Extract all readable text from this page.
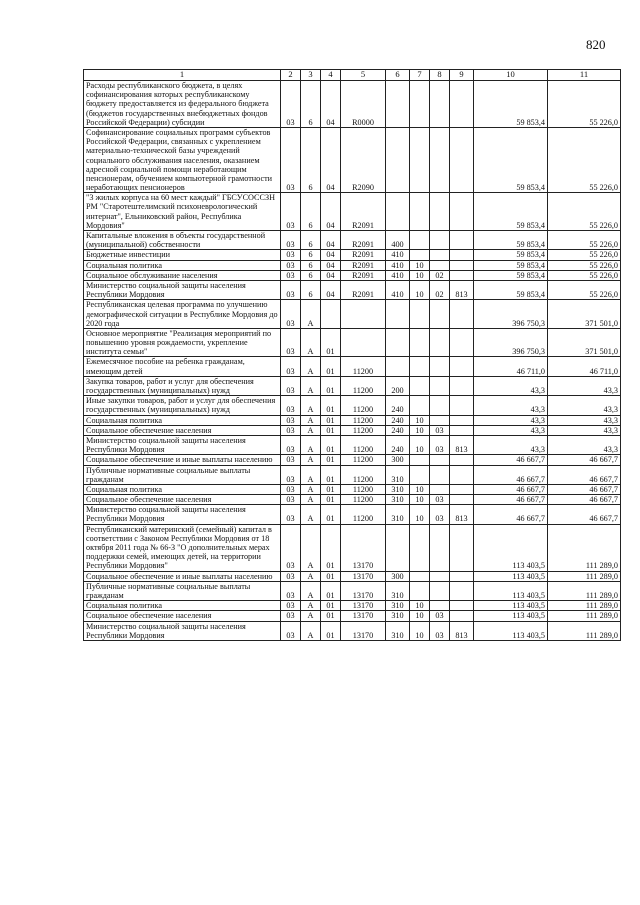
820
1	2	3	4	5	6	7	8	9	10	11
Расходы республиканского бюджета, в целях софинансирования которых республиканскому бюджету предоставляется из федерального бюджета (бюджетов государственных внебюджетных фондов Российской Федерации) субсидии	03	6	04	R0000					59 853,4	55 226,0
Софинансирование социальных программ субъектов Российской Федерации, связанных с укреплением материально-технической базы учреждений социального обслуживания населения, оказанием адресной социальной помощи неработающим пенсионерам, обучением компьютерной грамотности неработающих пенсионеров	03	6	04	R2090					59 853,4	55 226,0
"3 жилых корпуса на 60 мест каждый" ГБСУСОССЗН РМ "Старотештелимский психоневрологический интернат", Ельниковский район, Республика Мордовия"	03	6	04	R2091					59 853,4	55 226,0
Капитальные вложения в объекты государственной (муниципальной) собственности	03	6	04	R2091	400				59 853,4	55 226,0
Бюджетные инвестиции	03	6	04	R2091	410				59 853,4	55 226,0
Социальная политика	03	6	04	R2091	410	10			59 853,4	55 226,0
Социальное обслуживание населения	03	6	04	R2091	410	10	02		59 853,4	55 226,0
Министерство социальной защиты населения Республики Мордовия	03	6	04	R2091	410	10	02	813	59 853,4	55 226,0
Республиканская целевая программа по улучшению демографической ситуации в Республике Мордовия до 2020 года	03	А							396 750,3	371 501,0
Основное мероприятие "Реализация мероприятий по повышению уровня рождаемости, укрепление института семьи"	03	А	01						396 750,3	371 501,0
Ежемесячное пособие на ребенка гражданам, имеющим детей	03	А	01	11200					46 711,0	46 711,0
Закупка товаров, работ и услуг для обеспечения государственных (муниципальных) нужд	03	А	01	11200	200				43,3	43,3
Иные закупки товаров, работ и услуг для обеспечения государственных (муниципальных) нужд	03	А	01	11200	240				43,3	43,3
Социальная политика	03	А	01	11200	240	10			43,3	43,3
Социальное обеспечение населения	03	А	01	11200	240	10	03		43,3	43,3
Министерство социальной защиты населения Республики Мордовия	03	А	01	11200	240	10	03	813	43,3	43,3
Социальное обеспечение и иные выплаты населению	03	А	01	11200	300				46 667,7	46 667,7
Публичные нормативные социальные выплаты гражданам	03	А	01	11200	310				46 667,7	46 667,7
Социальная политика	03	А	01	11200	310	10			46 667,7	46 667,7
Социальное обеспечение населения	03	А	01	11200	310	10	03		46 667,7	46 667,7
Министерство социальной защиты населения Республики Мордовия	03	А	01	11200	310	10	03	813	46 667,7	46 667,7
Республиканский материнский (семейный) капитал в соответствии с Законом Республики Мордовия от 18 октября 2011 года № 66-З "О дополнительных мерах поддержки семей, имеющих детей, на территории Республики Мордовия"	03	А	01	13170					113 403,5	111 289,0
Социальное обеспечение и иные выплаты населению	03	А	01	13170	300				113 403,5	111 289,0
Публичные нормативные социальные выплаты гражданам	03	А	01	13170	310				113 403,5	111 289,0
Социальная политика	03	А	01	13170	310	10			113 403,5	111 289,0
Социальное обеспечение населения	03	А	01	13170	310	10	03		113 403,5	111 289,0
Министерство социальной защиты населения Республики Мордовия	03	А	01	13170	310	10	03	813	113 403,5	111 289,0
